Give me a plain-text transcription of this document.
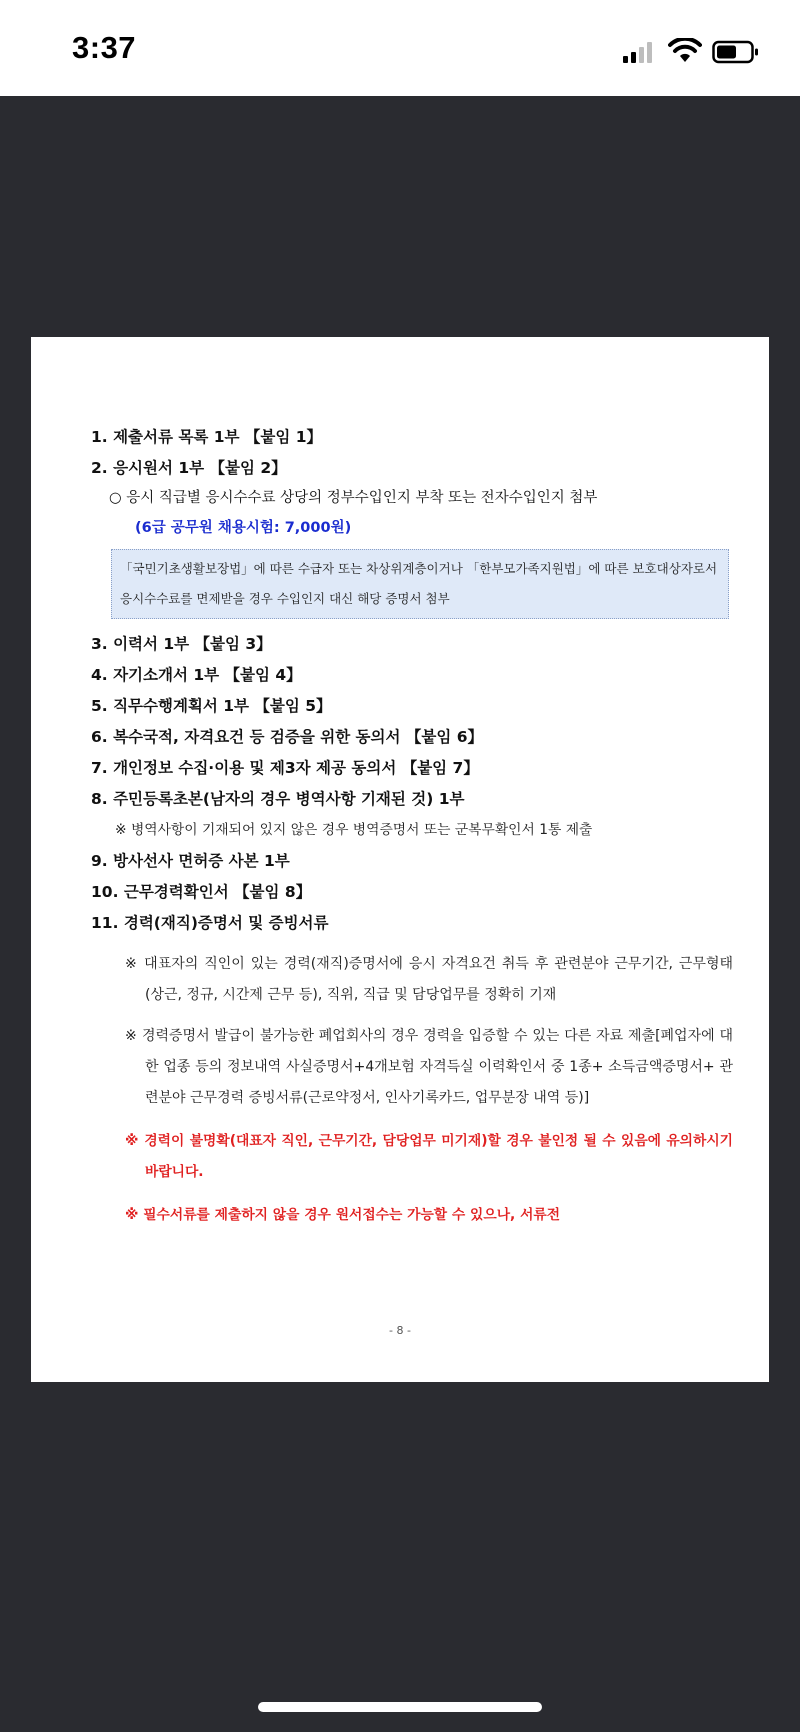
3:37
1. 제출서류 목록 1부 【붙임 1】
2. 응시원서 1부 【붙임 2】
○ 응시 직급별 응시수수료 상당의 정부수입인지 부착 또는 전자수입인지 첨부
(6급 공무원 채용시험: 7,000원)
「국민기초생활보장법」에 따른 수급자 또는 차상위계층이거나 「한부모가족지원법」에 따른 보호대상자로서 응시수수료를 면제받을 경우 수입인지 대신 해당 증명서 첨부
3. 이력서 1부 【붙임 3】
4. 자기소개서 1부 【붙임 4】
5. 직무수행계획서 1부 【붙임 5】
6. 복수국적, 자격요건 등 검증을 위한 동의서 【붙임 6】
7. 개인정보 수집·이용 및 제3자 제공 동의서 【붙임 7】
8. 주민등록초본(남자의 경우 병역사항 기재된 것) 1부
※ 병역사항이 기재되어 있지 않은 경우 병역증명서 또는 군복무확인서 1통 제출
9. 방사선사 면허증 사본 1부
10. 근무경력확인서 【붙임 8】
11. 경력(재직)증명서 및 증빙서류
※ 대표자의 직인이 있는 경력(재직)증명서에 응시 자격요건 취득 후 관련분야 근무기간, 근무형태 (상근, 정규, 시간제 근무 등), 직위, 직급 및 담당업무를 정확히 기재
※ 경력증명서 발급이 불가능한 폐업회사의 경우 경력을 입증할 수 있는 다른 자료 제출[폐업자에 대한 업종 등의 정보내역 사실증명서+4개보험 자격득실 이력확인서 중 1종+ 소득금액증명서+ 관련분야 근무경력 증빙서류(근로약정서, 인사기록카드, 업무분장 내역 등)]
※ 경력이 불명확(대표자 직인, 근무기간, 담당업무 미기재)할 경우 불인정 될 수 있음에 유의하시기 바랍니다.
※ 필수서류를 제출하지 않을 경우 원서접수는 가능할 수 있으나, 서류전
- 8 -
